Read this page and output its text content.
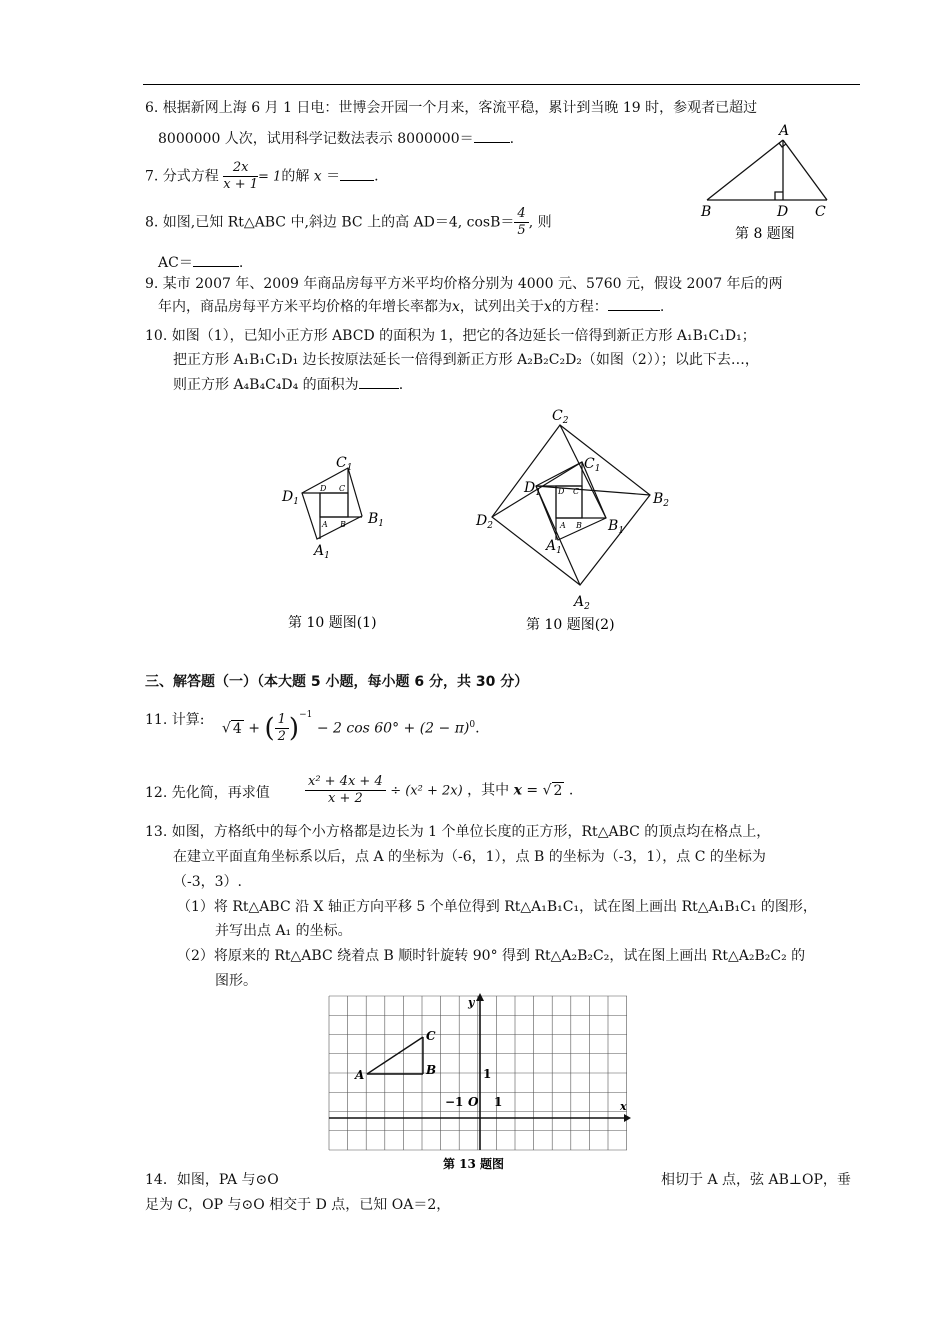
6. 根据新网上海 6 月 1 日电：世博会开园一个月来，客流平稳，累计到当晚 19 时，参观者已超过
8000000 人次，试用科学记数法表示 8000000＝	.
7. 分式方程 $\frac{2x}{x + 1} = 1$的解 x ＝ .
8. 如图,已知 Rt△ABC 中,斜边 BC 上的高 AD＝4, $\cos B= \frac{4}{5}$ , 则
AC＝	.
A
B	D C
第 8 题图
9. 某市 2007 年、2009 年商品房每平方米平均价格分别为 4000 元、5760 元，假设 2007 年后的两
年内，商品房每平方米平均价格的年增长率都为x，试列出关于x的方程：	.
10. 如图（1），已知小正方形 ABCD 的面积为 1，把它的各边延长一倍得到新正方形 A₁B₁C₁D₁；
把正方形 A₁B₁C₁D₁ 边长按原法延长一倍得到新正方形 A₂B₂C₂D₂（如图（2））；以此下去…，
则正方形 A₄B₄C₄D₄ 的面积为	.
$C_1$
$D_1$
$B_1$
$A_1$
D C
A B
第 10 题图(1)
$C_2$
$B_2$
$D_2$
$A_2$
$C_1$
$D_1$
$B_1$
$A_1$
D C
A B
第 10 题图(2)
三、解答题（一）（本大题 5 小题，每小题 6 分，共 30 分）
11. 计算:
√ 4 + ( $\frac{1}{2} )^{-1} - 2$ $\cos 60^\circ + (2 - \pi)^0$.
12. 先化简，再求值	$\frac{\text{x² + 4x + 4}}{x + 2} \div (x^2 + 2x)$ ，其中 x = √ 2 .
13. 如图，方格纸中的每个小方格都是边长为 1 个单位长度的正方形，Rt△ABC 的顶点均在格点上，
在建立平面直角坐标系以后，点 A 的坐标为（-6，1），点 B 的坐标为（-3，1），点 C 的坐标为
（-3，3）.
（1）将 Rt△ABC 沿 X 轴正方向平移 5 个单位得到 Rt△A₁B₁C₁，试在图上画出 Rt△A₁B₁C₁ 的图形，
并写出点 A₁ 的坐标。
（2）将原来的 Rt△ABC 绕着点 B 顺时针旋转 90° 得到 Rt△A₂B₂C₂，试在图上画出 Rt△A₂B₂C₂ 的
图形。
A	B
C
−1 O 1
1
x
y
第 13 题图
14．如图，PA 与⊙O	相切于 A 点，弦 AB⊥OP，垂
足为 C，OP 与⊙O 相交于 D 点，已知 OA＝2，
